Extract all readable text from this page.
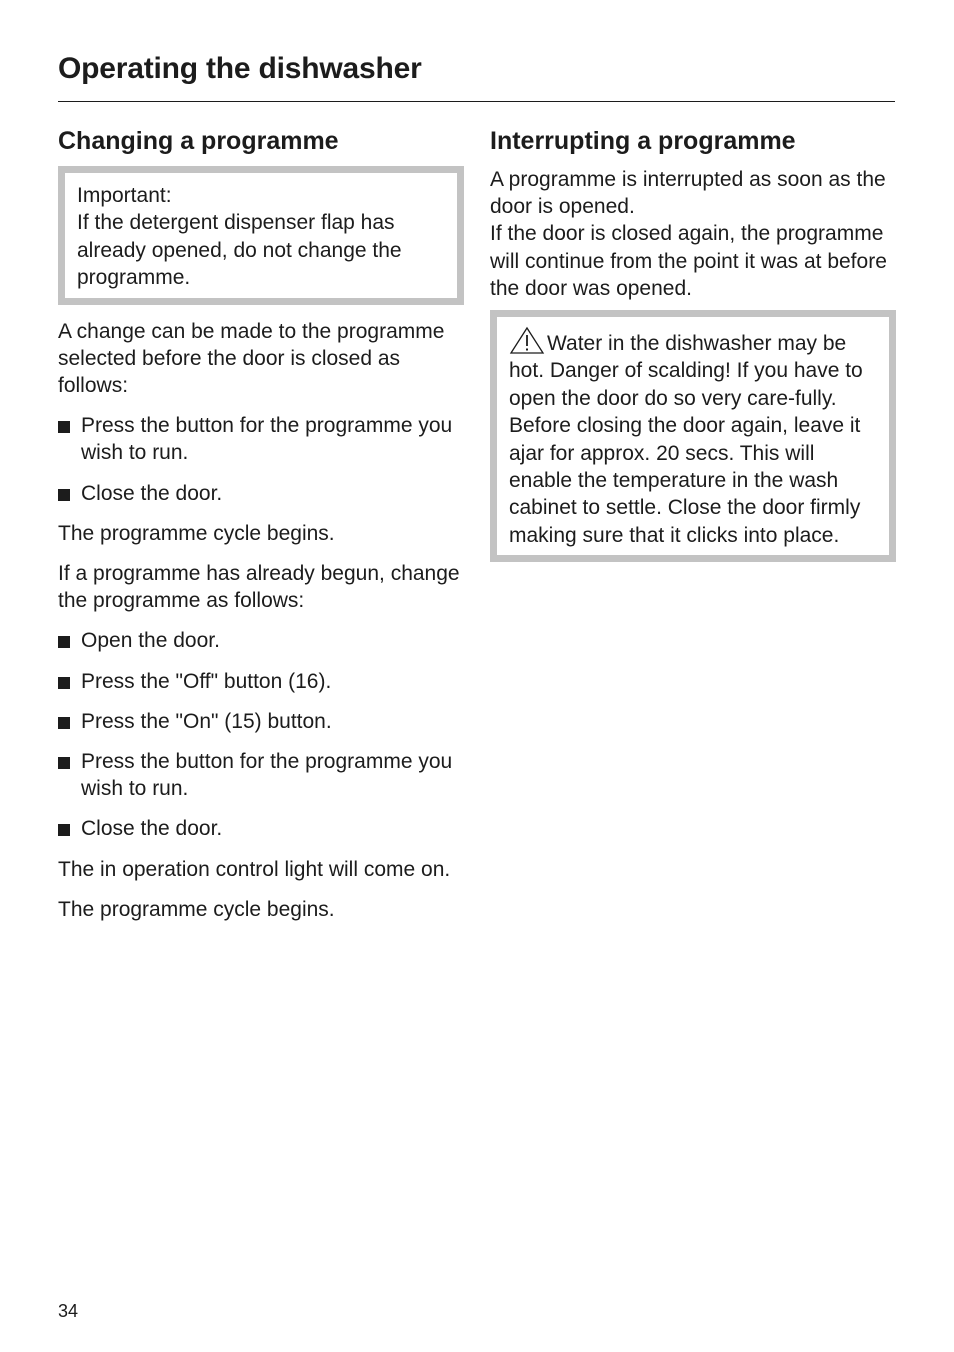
Operating the dishwasher
Changing a programme

Important:

If the detergent dispenser flap has already opened, do not change the programme.

A change can be made to the programme selected before the door is closed as follows:

Press the button for the programme you wish to run.
Close the door.

The programme cycle begins.

If a programme has already begun, change the programme as follows:

Open the door.
Press the "Off" button (16).
Press the "On" (15) button.
Press the button for the programme you wish to run.
Close the door.

The in operation control light will come on.

The programme cycle begins.

Interrupting a programme

A programme is interrupted as soon as the door is opened.

If the door is closed again, the programme will continue from the point it was at before the door was opened.

Water in the dishwasher may be hot. Danger of scalding! If you have to open the door do so very care-fully.

Before closing the door again, leave it ajar for approx. 20 secs. This will enable the temperature in the wash cabinet to settle. Close the door firmly making sure that it clicks into place.

34
